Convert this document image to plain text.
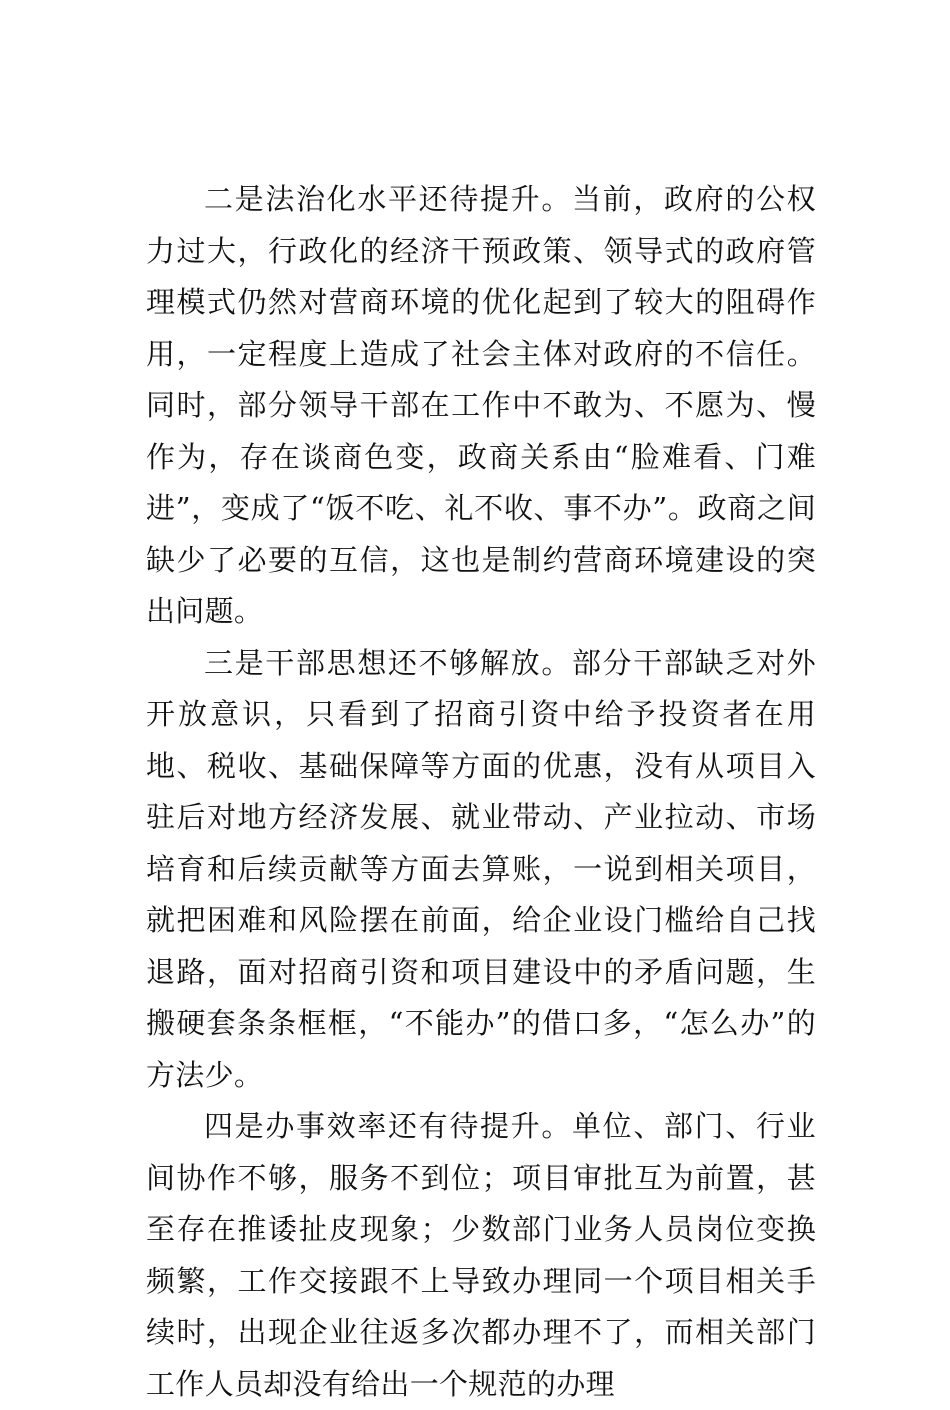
二是法治化水平还待提升。当前，政府的公权力过大，行政化的经济干预政策、领导式的政府管理模式仍然对营商环境的优化起到了较大的阻碍作用，一定程度上造成了社会主体对政府的不信任。同时，部分领导干部在工作中不敢为、不愿为、慢作为，存在谈商色变，政商关系由“脸难看、门难进”，变成了“饭不吃、礼不收、事不办”。政商之间缺少了必要的互信，这也是制约营商环境建设的突出问题。

三是干部思想还不够解放。部分干部缺乏对外开放意识，只看到了招商引资中给予投资者在用地、税收、基础保障等方面的优惠，没有从项目入驻后对地方经济发展、就业带动、产业拉动、市场培育和后续贡献等方面去算账，一说到相关项目，就把困难和风险摆在前面，给企业设门槛给自己找退路，面对招商引资和项目建设中的矛盾问题，生搬硬套条条框框，“不能办”的借口多，“怎么办”的方法少。

四是办事效率还有待提升。单位、部门、行业间协作不够，服务不到位；项目审批互为前置，甚至存在推诿扯皮现象；少数部门业务人员岗位变换频繁，工作交接跟不上导致办理同一个项目相关手续时，出现企业往返多次都办理不了，而相关部门工作人员却没有给出一个规范的办理
